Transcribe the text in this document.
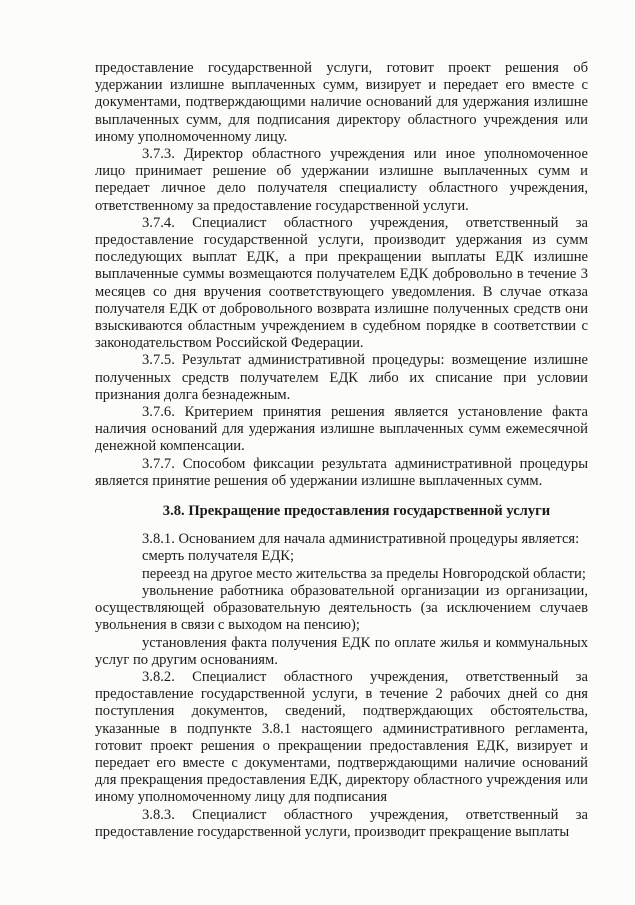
предоставление государственной услуги, готовит проект решения об удержании излишне выплаченных сумм, визирует и передает его вместе с документами, подтверждающими наличие оснований для удержания излишне выплаченных сумм, для подписания директору областного учреждения или иному уполномоченному лицу.

3.7.3. Директор областного учреждения или иное уполномоченное лицо принимает решение об удержании излишне выплаченных сумм и передает личное дело получателя специалисту областного учреждения, ответственному за предоставление государственной услуги.

3.7.4. Специалист областного учреждения, ответственный за предоставление государственной услуги, производит удержания из сумм последующих выплат ЕДК, а при прекращении выплаты ЕДК излишне выплаченные суммы возмещаются получателем ЕДК добровольно в течение 3 месяцев со дня вручения соответствующего уведомления. В случае отказа получателя ЕДК от добровольного возврата излишне полученных средств они взыскиваются областным учреждением в судебном порядке в соответствии с законодательством Российской Федерации.

3.7.5. Результат административной процедуры: возмещение излишне полученных средств получателем ЕДК либо их списание при условии признания долга безнадежным.

3.7.6. Критерием принятия решения является установление факта наличия оснований для удержания излишне выплаченных сумм ежемесячной денежной компенсации.

3.7.7. Способом фиксации результата административной процедуры является принятие решения об удержании излишне выплаченных сумм.

3.8. Прекращение предоставления государственной услуги

3.8.1. Основанием для начала административной процедуры является:

смерть получателя ЕДК;

переезд на другое место жительства за пределы Новгородской области;

увольнение работника образовательной организации из организации, осуществляющей образовательную деятельность (за исключением случаев увольнения в связи с выходом на пенсию);

установления факта получения ЕДК по оплате жилья и коммунальных услуг по другим основаниям.

3.8.2. Специалист областного учреждения, ответственный за предоставление государственной услуги, в течение 2 рабочих дней со дня поступления документов, сведений, подтверждающих обстоятельства, указанные в подпункте 3.8.1 настоящего административного регламента, готовит проект решения о прекращении предоставления ЕДК, визирует и передает его вместе с документами, подтверждающими наличие оснований для прекращения предоставления ЕДК, директору областного учреждения или иному уполномоченному лицу для подписания

3.8.3. Специалист областного учреждения, ответственный за предоставление государственной услуги, производит прекращение выплаты
